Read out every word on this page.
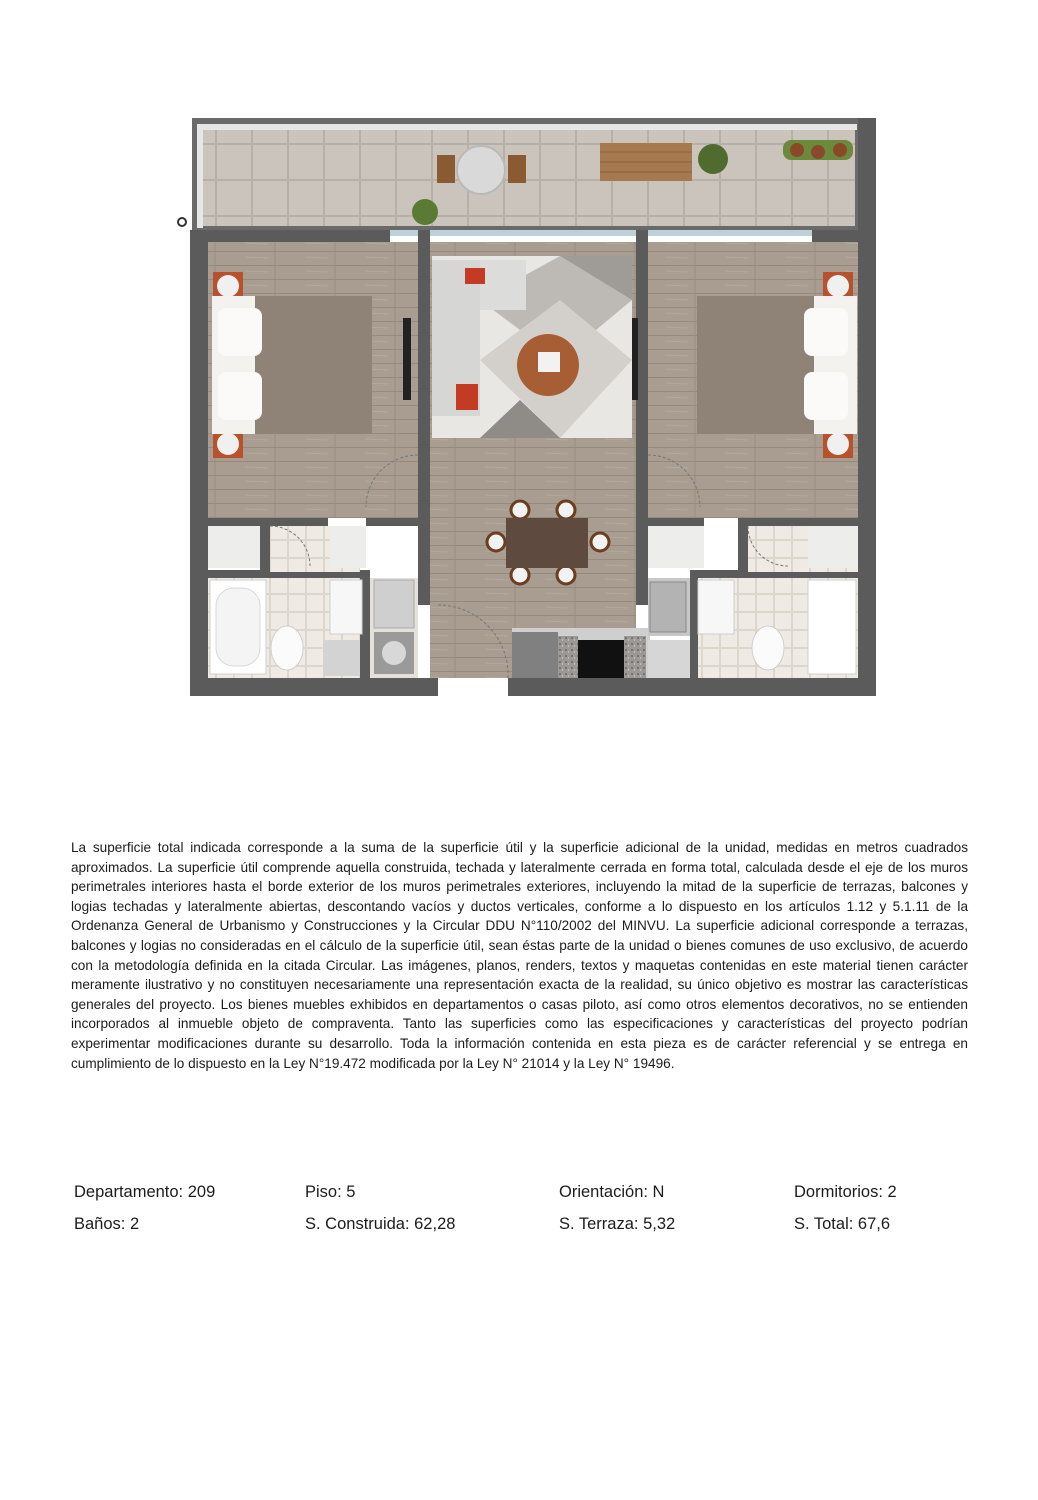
La superficie total indicada corresponde a la suma de la superficie útil y la superficie adicional de la unidad, medidas en metros cuadrados aproximados. La superficie útil comprende aquella construida, techada y lateralmente cerrada en forma total, calculada desde el eje de los muros perimetrales interiores hasta el borde exterior de los muros perimetrales exteriores, incluyendo la mitad de la superficie de terrazas, balcones y logias techadas y lateralmente abiertas, descontando vacíos y ductos verticales, conforme a lo dispuesto en los artículos 1.12 y 5.1.11 de la Ordenanza General de Urbanismo y Construcciones y la Circular DDU N°110/2002 del MINVU. La superficie adicional corresponde a terrazas, balcones y logias no consideradas en el cálculo de la superficie útil, sean éstas parte de la unidad o bienes comunes de uso exclusivo, de acuerdo con la metodología definida en la citada Circular. Las imágenes, planos, renders, textos y maquetas contenidas en este material tienen carácter meramente ilustrativo y no constituyen necesariamente una representación exacta de la realidad, su único objetivo es mostrar las características generales del proyecto. Los bienes muebles exhibidos en departamentos o casas piloto, así como otros elementos decorativos, no se entienden incorporados al inmueble objeto de compraventa. Tanto las superficies como las especificaciones y características del proyecto podrían experimentar modificaciones durante su desarrollo. Toda la información contenida en esta pieza es de carácter referencial y se entrega en cumplimiento de lo dispuesto en la Ley N°19.472 modificada por la Ley N° 21014 y la Ley N° 19496.

Departamento: 209	Piso: 5	Orientación: N	Dormitorios: 2
Baños: 2	S. Construida: 62,28	S. Terraza: 5,32	S. Total: 67,6
